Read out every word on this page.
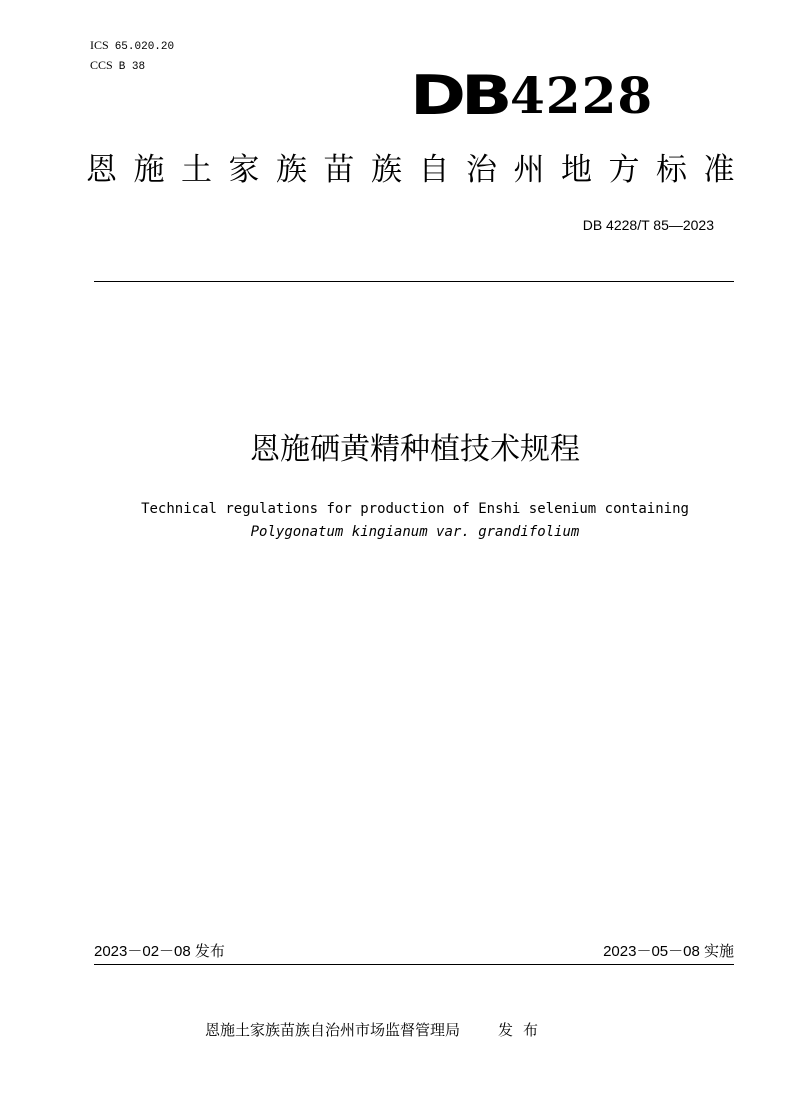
ICS 65.020.20
CCS B 38	DB 4228
恩施土家族苗族自治州地方标准
DB 4228/T 85—2023
恩施硒黄精种植技术规程
Technical regulations for production of Enshi selenium containing
Polygonatum kingianum var. grandifolium
2023－02－08 发布	2023－05－08 实施
恩施土家族苗族自治州市场监督管理局	发布
